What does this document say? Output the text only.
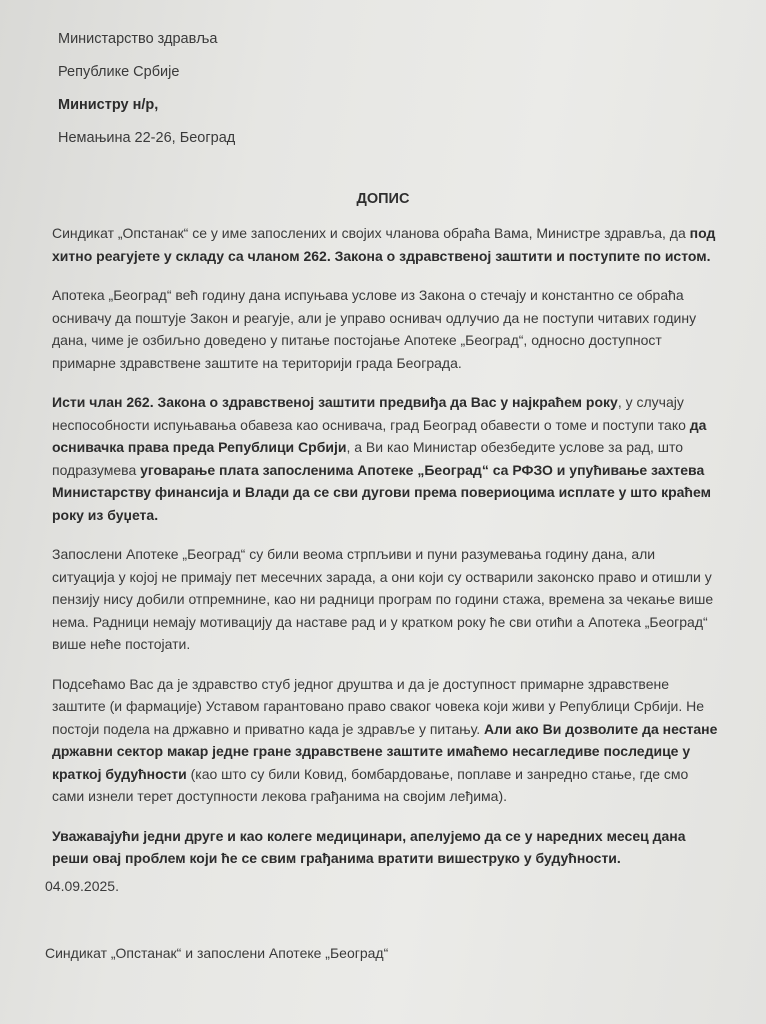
Министарство здравља

Републике Србије

Министру н/р,

Немањина 22-26, Београд

ДОПИС

Синдикат „Опстанак“ се у име запослених и својих чланова обраћа Вама, Министре здравља, да под хитно реагујете у складу са чланом 262. Закона о здравственој заштити и поступите по истом.

Апотека „Београд“ већ годину дана испуњава услове из Закона о стечају и константно се обраћа оснивачу да поштује Закон и реагује, али је управо оснивач одлучио да не поступи читавих годину дана, чиме је озбиљно доведено у питање постојање Апотеке „Београд“, односно доступност примарне здравствене заштите на територији града Београда.

Исти члан 262. Закона о здравственој заштити предвиђа да Вас у најкраћем року, у случају неспособности испуњавања обавеза као оснивача, град Београд обавести о томе и поступи тако да оснивачка права преда Републици Србији, а Ви као Министар обезбедите услове за рад, што подразумева уговарање плата запосленима Апотеке „Београд“ са РФЗО и упућивање захтева Министарству финансија и Влади да се сви дугови према повериоцима исплате у што краћем року из буџета.

Запослени Апотеке „Београд“ су били веома стрпљиви и пуни разумевања годину дана, али ситуација у којој не примају пет месечних зарада, а они који су остварили законско право и отишли у пензију нису добили отпремнине, као ни радници програм по години стажа, времена за чекање више нема. Радници немају мотивацију да наставе рад и у кратком року ће сви отићи а Апотека „Београд“ више неће постојати.

Подсећамо Вас да је здравство стуб једног друштва и да је доступност примарне здравствене заштите (и фармације) Уставом гарантовано право сваког човека који живи у Републици Србији. Не постоји подела на државно и приватно када је здравље у питању. Али ако Ви дозволите да нестане државни сектор макар једне гране здравствене заштите имаћемо несагледиве последице у краткој будућности (као што су били Ковид, бомбардовање, поплаве и занредно стање, где смо сами изнели терет доступности лекова грађанима на својим леђима).

Уважавајући једни друге и као колеге медицинари, апелујемо да се у наредних месец дана реши овај проблем који ће се свим грађанима вратити вишеструко у будућности.

04.09.2025.
Синдикат „Опстанак“ и запослени Апотеке „Београд“
